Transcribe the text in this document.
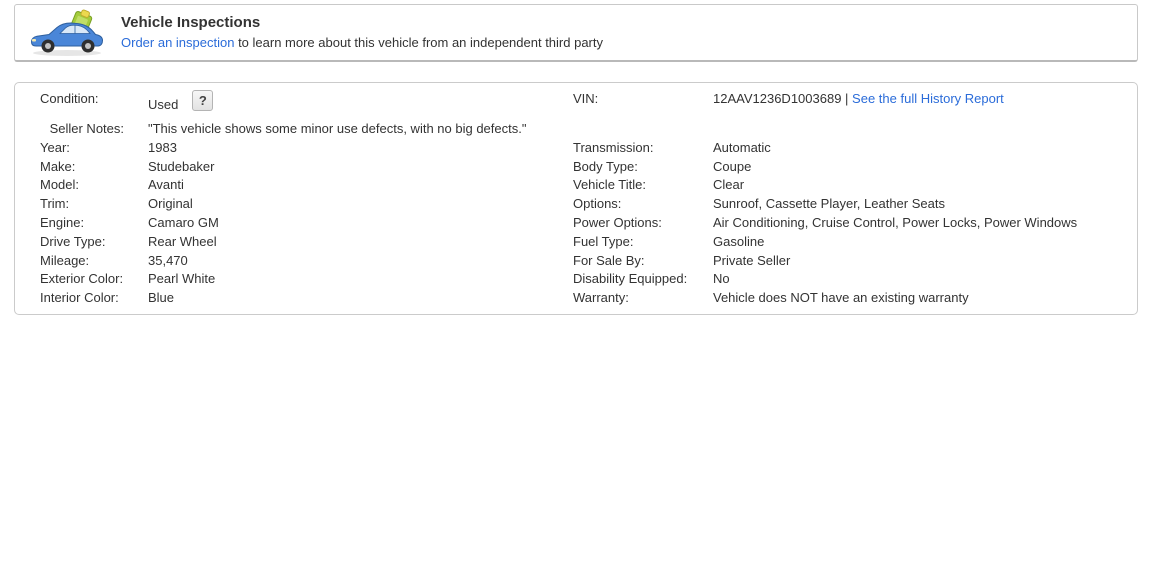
Vehicle Inspections
Order an inspection to learn more about this vehicle from an independent third party
Condition:	Used ?	VIN:	12AAV1236D1003689 | See the full History Report
Seller Notes:	"This vehicle shows some minor use defects, with no big defects."		
Year:	1983	Transmission:	Automatic
Make:	Studebaker	Body Type:	Coupe
Model:	Avanti	Vehicle Title:	Clear
Trim:	Original	Options:	Sunroof, Cassette Player, Leather Seats
Engine:	Camaro GM	Power Options:	Air Conditioning, Cruise Control, Power Locks, Power Windows
Drive Type:	Rear Wheel	Fuel Type:	Gasoline
Mileage:	35,470	For Sale By:	Private Seller
Exterior Color:	Pearl White	Disability Equipped:	No
Interior Color:	Blue	Warranty:	Vehicle does NOT have an existing warranty
